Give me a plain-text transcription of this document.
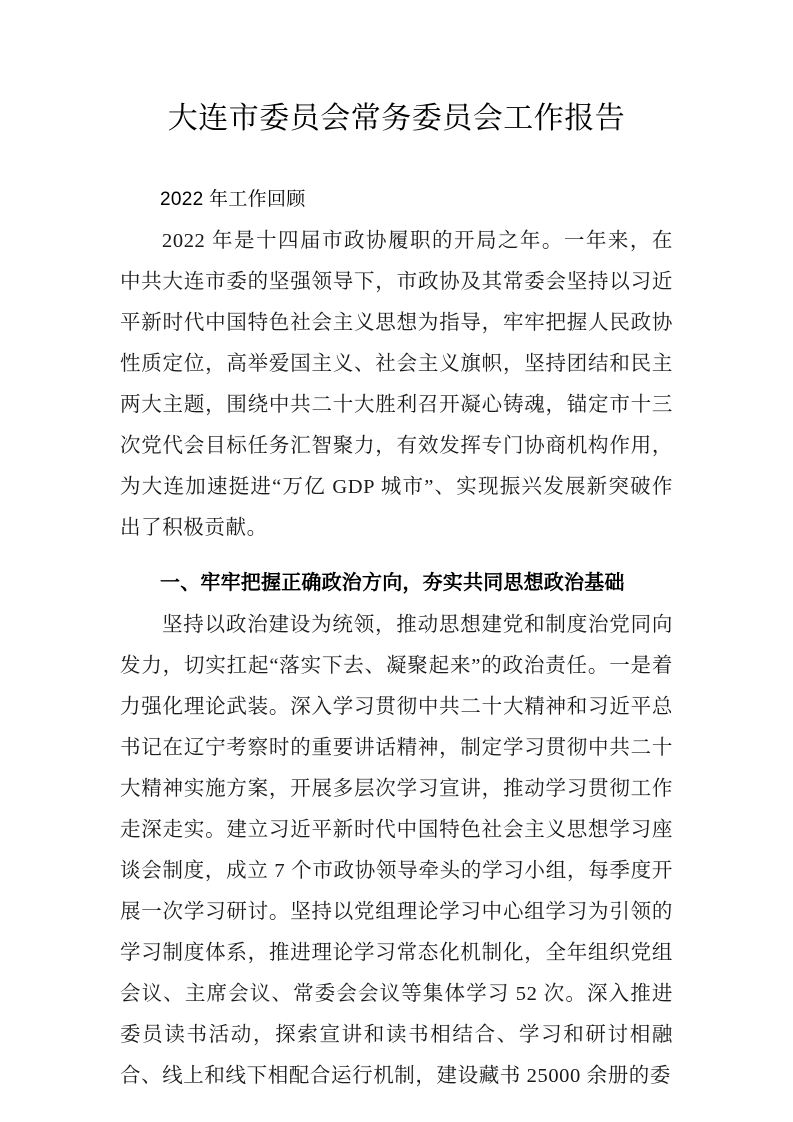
大连市委员会常务委员会工作报告
2022 年工作回顾

2022 年是十四届市政协履职的开局之年。一年来，在中共大连市委的坚强领导下，市政协及其常委会坚持以习近平新时代中国特色社会主义思想为指导，牢牢把握人民政协性质定位，高举爱国主义、社会主义旗帜，坚持团结和民主两大主题，围绕中共二十大胜利召开凝心铸魂，锚定市十三次党代会目标任务汇智聚力，有效发挥专门协商机构作用，为大连加速挺进“万亿 GDP 城市”、实现振兴发展新突破作出了积极贡献。

一、牢牢把握正确政治方向，夯实共同思想政治基础

坚持以政治建设为统领，推动思想建党和制度治党同向发力，切实扛起“落实下去、凝聚起来”的政治责任。一是着力强化理论武装。深入学习贯彻中共二十大精神和习近平总书记在辽宁考察时的重要讲话精神，制定学习贯彻中共二十大精神实施方案，开展多层次学习宣讲，推动学习贯彻工作走深走实。建立习近平新时代中国特色社会主义思想学习座谈会制度，成立 7 个市政协领导牵头的学习小组，每季度开展一次学习研讨。坚持以党组理论学习中心组学习为引领的学习制度体系，推进理论学习常态化机制化，全年组织党组会议、主席会议、常委会会议等集体学习 52 次。深入推进委员读书活动，探索宣讲和读书相结合、学习和研讨相融合、线上和线下相配合运行机制，建设藏书 25000 余册的委
